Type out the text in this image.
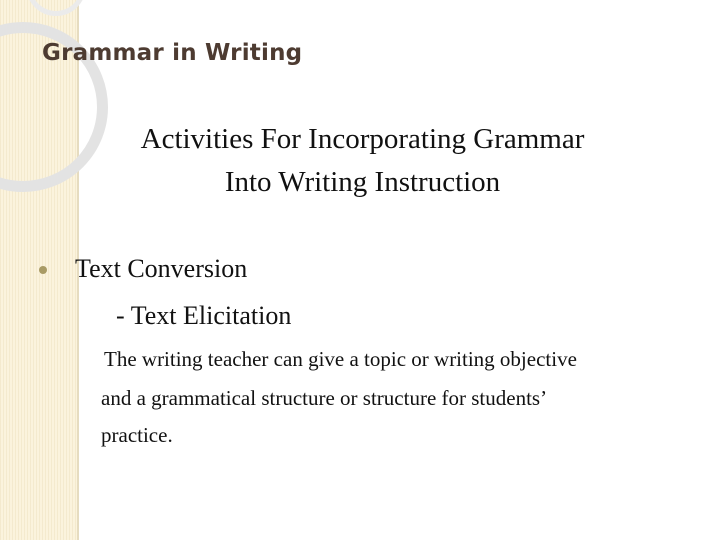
Grammar in Writing
Activities For Incorporating Grammar
Into Writing Instruction
Text Conversion
- Text Elicitation
The writing teacher can give a topic or writing objective
and a grammatical structure or structure for students’
practice.
